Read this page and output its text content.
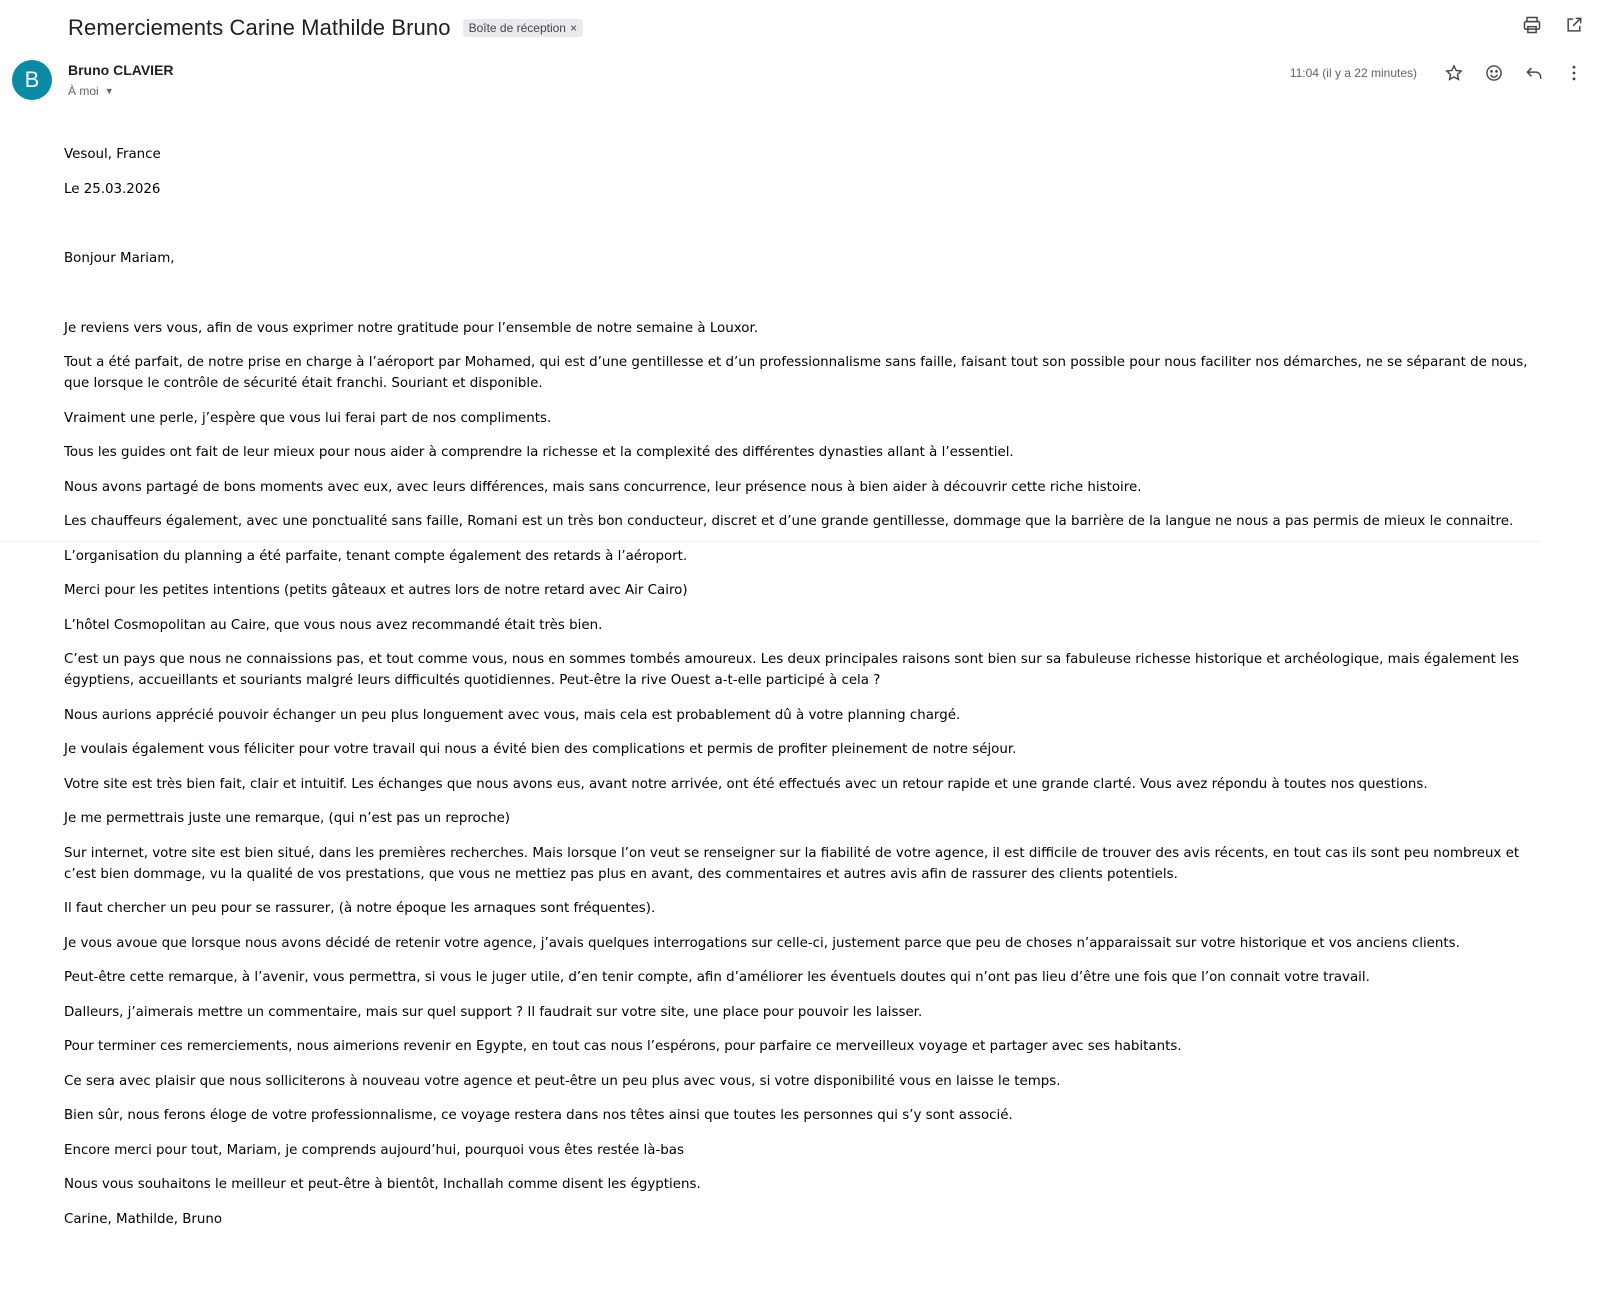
Remerciements Carine Mathilde Bruno Boîte de réception ×
B Bruno CLAVIER
À moi ▼
11:04 (il y a 22 minutes)

Vesoul, France

Le 25.03.2026

Bonjour Mariam,

Je reviens vers vous, afin de vous exprimer notre gratitude pour l’ensemble de notre semaine à Louxor.

Tout a été parfait, de notre prise en charge à l’aéroport par Mohamed, qui est d’une gentillesse et d’un professionnalisme sans faille, faisant tout son possible pour nous faciliter nos démarches, ne se séparant de nous, que lorsque le contrôle de sécurité était franchi. Souriant et disponible.

Vraiment une perle, j’espère que vous lui ferai part de nos compliments.

Tous les guides ont fait de leur mieux pour nous aider à comprendre la richesse et la complexité des différentes dynasties allant à l’essentiel.

Nous avons partagé de bons moments avec eux, avec leurs différences, mais sans concurrence, leur présence nous à bien aider à découvrir cette riche histoire.

Les chauffeurs également, avec une ponctualité sans faille, Romani est un très bon conducteur, discret et d’une grande gentillesse, dommage que la barrière de la langue ne nous a pas permis de mieux le connaitre.

L’organisation du planning a été parfaite, tenant compte également des retards à l’aéroport.

Merci pour les petites intentions (petits gâteaux et autres lors de notre retard avec Air Cairo)

L’hôtel Cosmopolitan au Caire, que vous nous avez recommandé était très bien.

C’est un pays que nous ne connaissions pas, et tout comme vous, nous en sommes tombés amoureux. Les deux principales raisons sont bien sur sa fabuleuse richesse historique et archéologique, mais également les égyptiens, accueillants et souriants malgré leurs difficultés quotidiennes. Peut-être la rive Ouest a-t-elle participé à cela ?

Nous aurions apprécié pouvoir échanger un peu plus longuement avec vous, mais cela est probablement dû à votre planning chargé.

Je voulais également vous féliciter pour votre travail qui nous a évité bien des complications et permis de profiter pleinement de notre séjour.

Votre site est très bien fait, clair et intuitif. Les échanges que nous avons eus, avant notre arrivée, ont été effectués avec un retour rapide et une grande clarté. Vous avez répondu à toutes nos questions.

Je me permettrais juste une remarque, (qui n’est pas un reproche)

Sur internet, votre site est bien situé, dans les premières recherches. Mais lorsque l’on veut se renseigner sur la fiabilité de votre agence, il est difficile de trouver des avis récents, en tout cas ils sont peu nombreux et c’est bien dommage, vu la qualité de vos prestations, que vous ne mettiez pas plus en avant, des commentaires et autres avis afin de rassurer des clients potentiels.

Il faut chercher un peu pour se rassurer, (à notre époque les arnaques sont fréquentes).

Je vous avoue que lorsque nous avons décidé de retenir votre agence, j’avais quelques interrogations sur celle-ci, justement parce que peu de choses n’apparaissait sur votre historique et vos anciens clients.

Peut-être cette remarque, à l’avenir, vous permettra, si vous le juger utile, d’en tenir compte, afin d’améliorer les éventuels doutes qui n’ont pas lieu d’être une fois que l’on connait votre travail.

Dalleurs, j’aimerais mettre un commentaire, mais sur quel support ? Il faudrait sur votre site, une place pour pouvoir les laisser.

Pour terminer ces remerciements, nous aimerions revenir en Egypte, en tout cas nous l’espérons, pour parfaire ce merveilleux voyage et partager avec ses habitants.

Ce sera avec plaisir que nous solliciterons à nouveau votre agence et peut-être un peu plus avec vous, si votre disponibilité vous en laisse le temps.

Bien sûr, nous ferons éloge de votre professionnalisme, ce voyage restera dans nos têtes ainsi que toutes les personnes qui s’y sont associé.

Encore merci pour tout, Mariam, je comprends aujourd’hui, pourquoi vous êtes restée là-bas

Nous vous souhaitons le meilleur et peut-être à bientôt, Inchallah comme disent les égyptiens.

Carine, Mathilde, Bruno
